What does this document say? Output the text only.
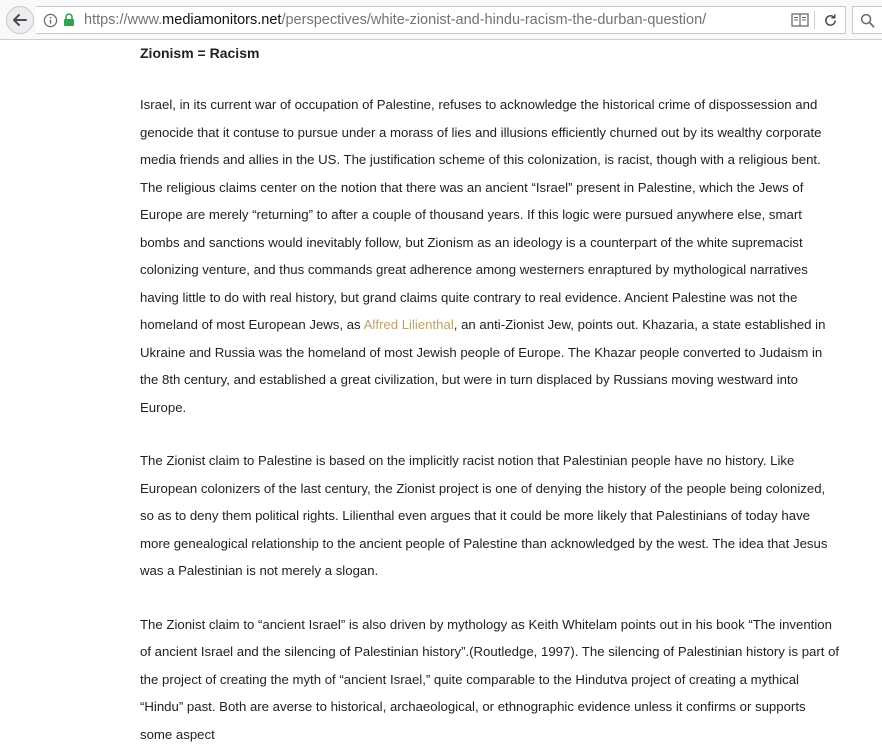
https://www.mediamonitors.net/perspectives/white-zionist-and-hindu-racism-the-durban-question/

Zionism = Racism

Israel, in its current war of occupation of Palestine, refuses to acknowledge the historical crime of dispossession and genocide that it contuse to pursue under a morass of lies and illusions efficiently churned out by its wealthy corporate media friends and allies in the US. The justification scheme of this colonization, is racist, though with a religious bent. The religious claims center on the notion that there was an ancient “Israel” present in Palestine, which the Jews of Europe are merely “returning” to after a couple of thousand years. If this logic were pursued anywhere else, smart bombs and sanctions would inevitably follow, but Zionism as an ideology is a counterpart of the white supremacist colonizing venture, and thus commands great adherence among westerners enraptured by mythological narratives having little to do with real history, but grand claims quite contrary to real evidence. Ancient Palestine was not the homeland of most European Jews, as Alfred Lilienthal, an anti-Zionist Jew, points out. Khazaria, a state established in Ukraine and Russia was the homeland of most Jewish people of Europe. The Khazar people converted to Judaism in the 8th century, and established a great civilization, but were in turn displaced by Russians moving westward into Europe.

The Zionist claim to Palestine is based on the implicitly racist notion that Palestinian people have no history. Like European colonizers of the last century, the Zionist project is one of denying the history of the people being colonized, so as to deny them political rights. Lilienthal even argues that it could be more likely that Palestinians of today have more genealogical relationship to the ancient people of Palestine than acknowledged by the west. The idea that Jesus was a Palestinian is not merely a slogan.

The Zionist claim to “ancient Israel” is also driven by mythology as Keith Whitelam points out in his book “The invention of ancient Israel and the silencing of Palestinian history”.(Routledge, 1997). The silencing of Palestinian history is part of the project of creating the myth of “ancient Israel,” quite comparable to the Hindutva project of creating a mythical “Hindu” past. Both are averse to historical, archaeological, or ethnographic evidence unless it confirms or supports some aspect
